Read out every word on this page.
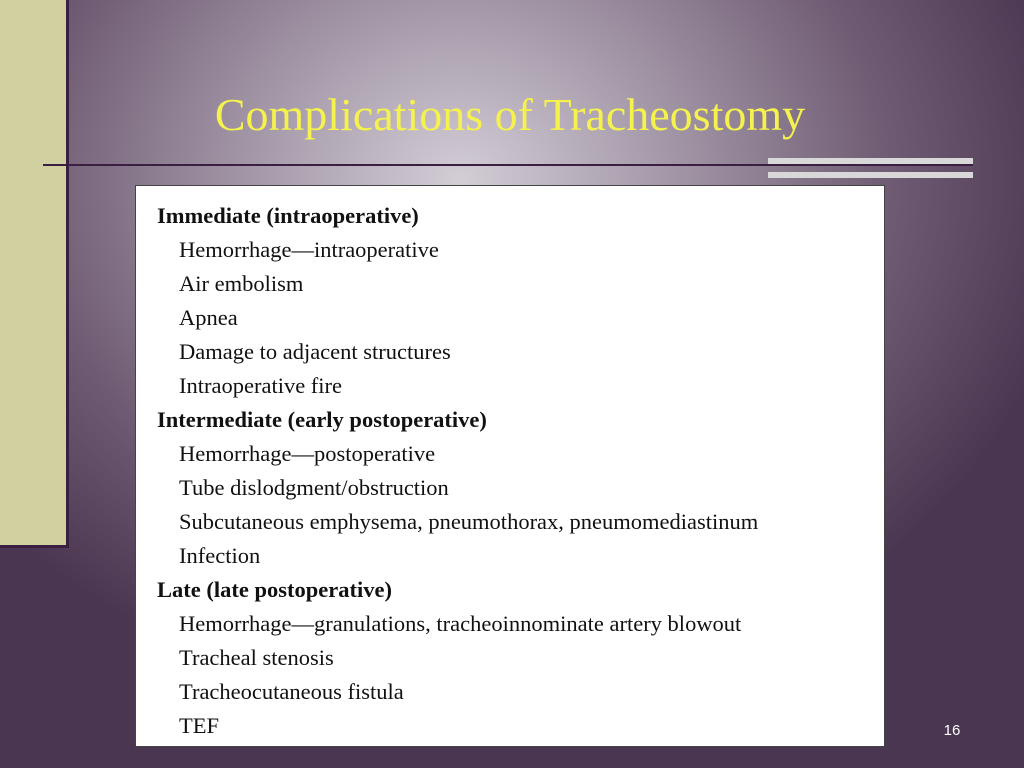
Complications of Tracheostomy
Immediate (intraoperative)
Hemorrhage—intraoperative
Air embolism
Apnea
Damage to adjacent structures
Intraoperative fire
Intermediate (early postoperative)
Hemorrhage—postoperative
Tube dislodgment/obstruction
Subcutaneous emphysema, pneumothorax, pneumomediastinum
Infection
Late (late postoperative)
Hemorrhage—granulations, tracheoinnominate artery blowout
Tracheal stenosis
Tracheocutaneous fistula
TEF	16
